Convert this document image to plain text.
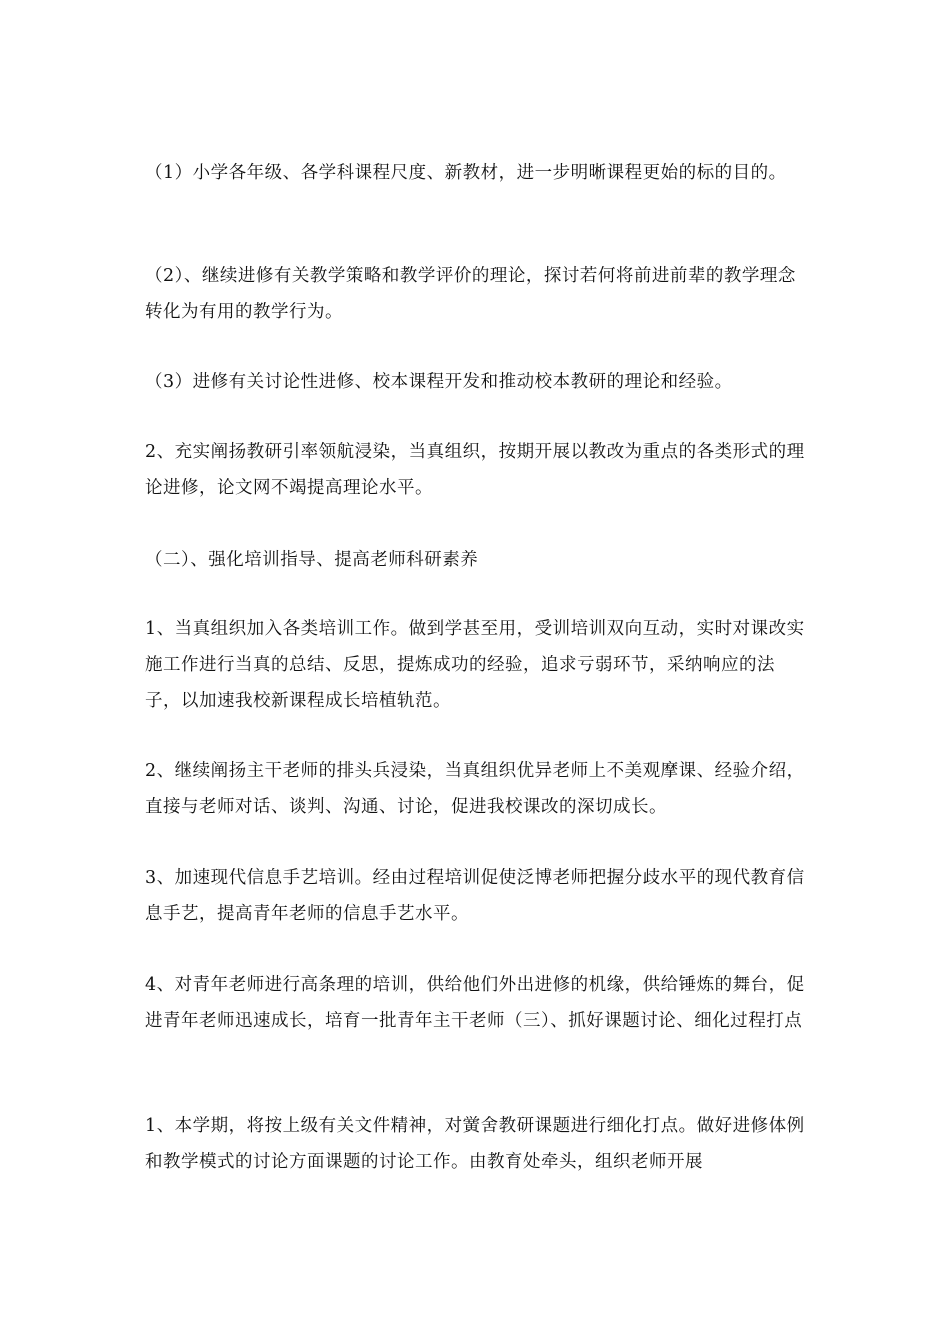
（1）小学各年级、各学科课程尺度、新教材，进一步明晰课程更始的标的目的。

（2）、继续进修有关教学策略和教学评价的理论，探讨若何将前进前辈的教学理念转化为有用的教学行为。

（3）进修有关讨论性进修、校本课程开发和推动校本教研的理论和经验。

2、充实阐扬教研引率领航浸染，当真组织，按期开展以教改为重点的各类形式的理论进修，论文网不竭提高理论水平。

（二）、强化培训指导、提高老师科研素养

1、当真组织加入各类培训工作。做到学甚至用，受训培训双向互动，实时对课改实施工作进行当真的总结、反思，提炼成功的经验，追求亏弱环节，采纳响应的法子，以加速我校新课程成长培植轨范。

2、继续阐扬主干老师的排头兵浸染，当真组织优异老师上不美观摩课、经验介绍，直接与老师对话、谈判、沟通、讨论，促进我校课改的深切成长。

3、加速现代信息手艺培训。经由过程培训促使泛博老师把握分歧水平的现代教育信息手艺，提高青年老师的信息手艺水平。

4、对青年老师进行高条理的培训，供给他们外出进修的机缘，供给锤炼的舞台，促进青年老师迅速成长，培育一批青年主干老师（三）、抓好课题讨论、细化过程打点

1、本学期，将按上级有关文件精神，对黉舍教研课题进行细化打点。做好进修体例和教学模式的讨论方面课题的讨论工作。由教育处牵头，组织老师开展
